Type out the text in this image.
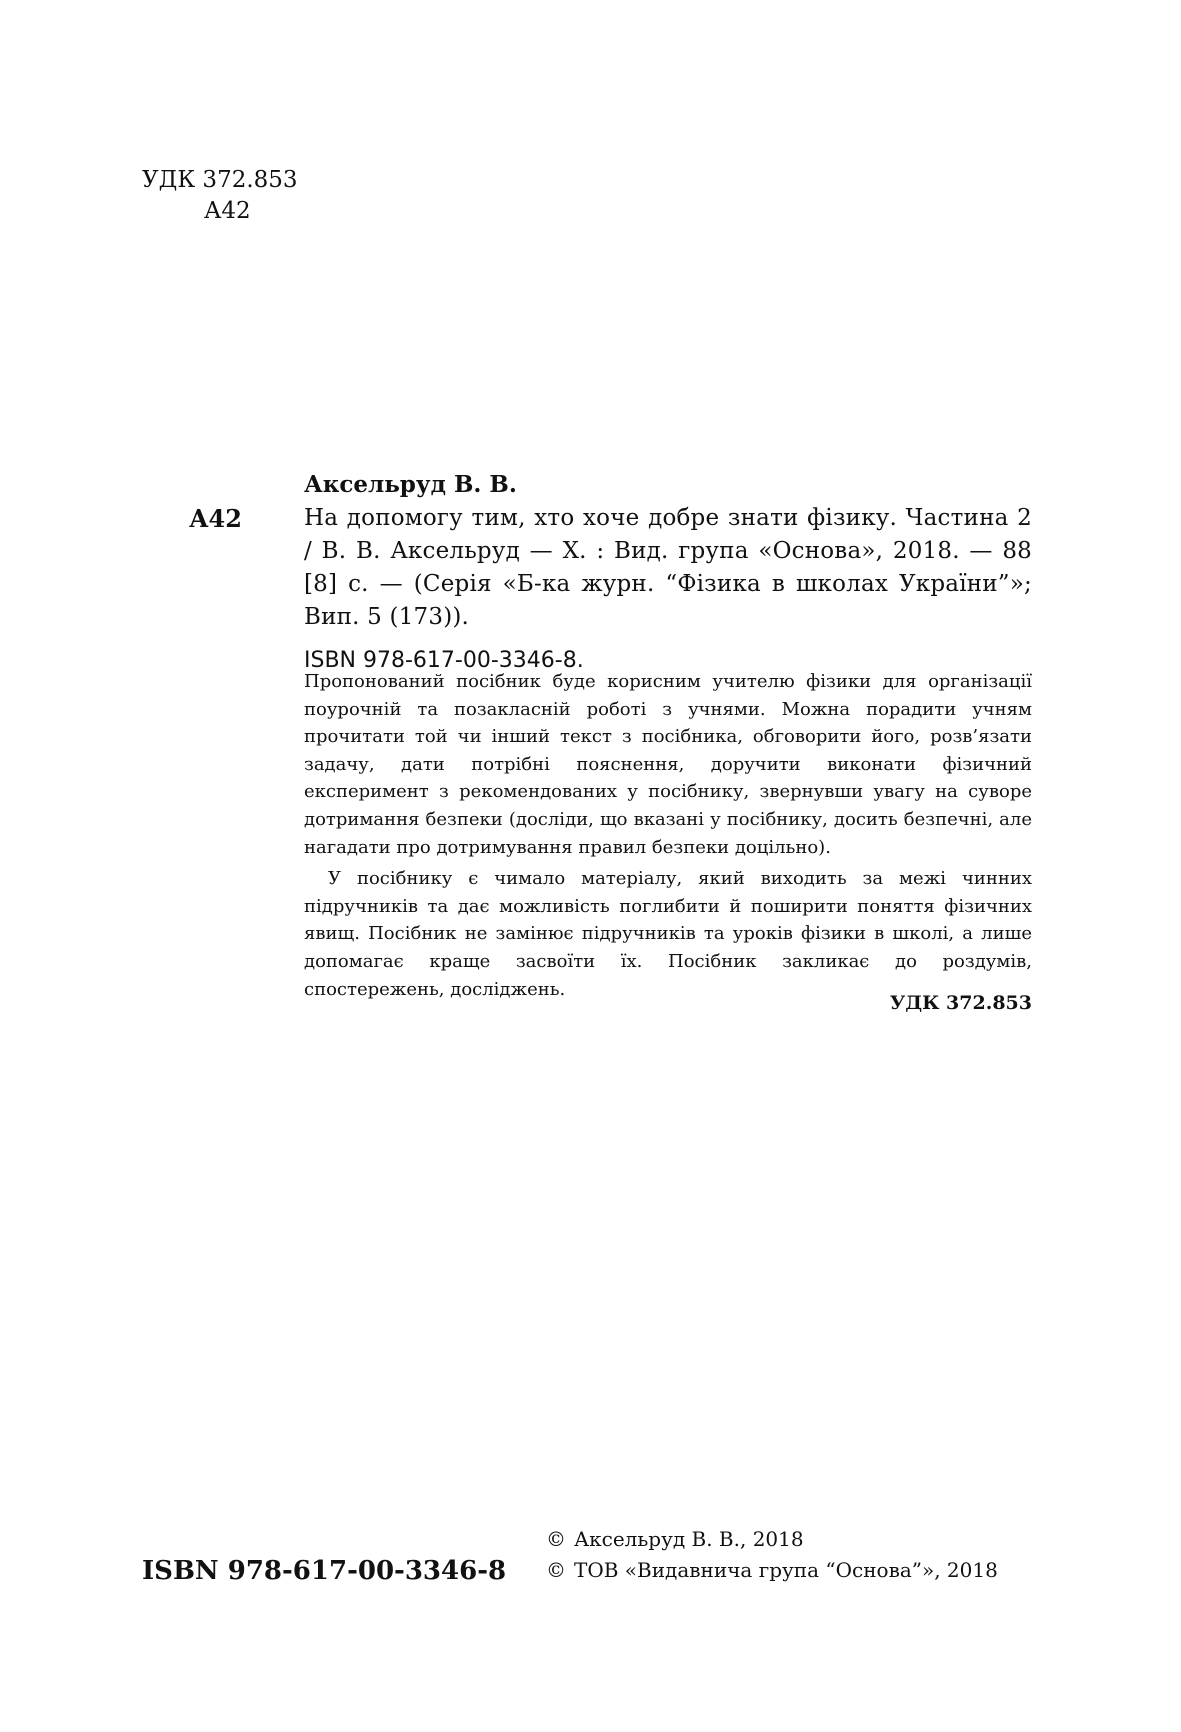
УДК 372.853
А42
Аксельруд В. В.
А42	На допомогу тим, хто хоче добре знати фізику. Частина 2 / В. В. Аксельруд — Х. : Вид. група «Основа», 2018. — 88 [8] с. — (Серія «Б-ка журн. “Фізика в школах України”»; Вип. 5 (173)).
ISBN 978-617-00-3346-8.

Пропонований посібник буде корисним учителю фізики для організації поурочній та позакласній роботі з учнями. Можна порадити учням прочитати той чи інший текст з посібника, обговорити його, розв’язати задачу, дати потрібні пояснення, доручити виконати фізичний експеримент з рекомендованих у посібнику, звернувши увагу на суворе дотримання безпеки (досліди, що вказані у посібнику, досить безпечні, але нагадати про дотримування правил безпеки доцільно).

У посібнику є чимало матеріалу, який виходить за межі чинних підручників та дає можливість поглибити й поширити поняття фізичних явищ. Посібник не замінює підручників та уроків фізики в школі, а лише допомагає краще засвоїти їх. Посібник закликає до роздумів, спостережень, досліджень.

УДК 372.853
ISBN 978-617-00-3346-8
© Аксельруд В. В., 2018
© ТОВ «Видавнича група “Основа”», 2018
